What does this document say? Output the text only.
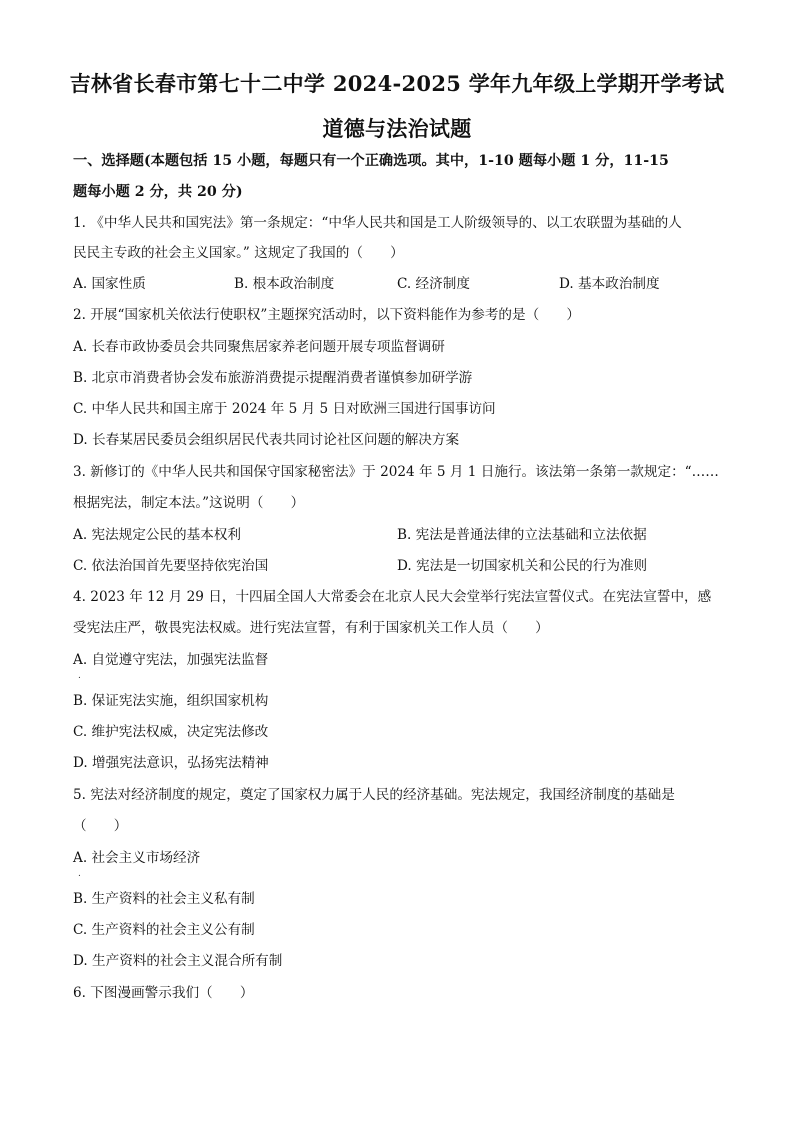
吉林省长春市第七十二中学 2024-2025 学年九年级上学期开学考试
道德与法治试题
一、选择题(本题包括 15 小题，每题只有一个正确选项。其中，1-10 题每小题 1 分，11-15
题每小题 2 分，共 20 分)
1. 《中华人民共和国宪法》第一条规定：“中华人民共和国是工人阶级领导的、以工农联盟为基础的人
民民主专政的社会主义国家。” 这规定了我国的（　　）
A. 国家性质	B. 根本政治制度	C. 经济制度	D. 基本政治制度
2. 开展“国家机关依法行使职权”主题探究活动时，以下资料能作为参考的是（　　）
A. 长春市政协委员会共同聚焦居家养老问题开展专项监督调研
B. 北京市消费者协会发布旅游消费提示提醒消费者谨慎参加研学游
C. 中华人民共和国主席于 2024 年 5 月 5 日对欧洲三国进行国事访问
D. 长春某居民委员会组织居民代表共同讨论社区问题的解决方案
3. 新修订的《中华人民共和国保守国家秘密法》于 2024 年 5 月 1 日施行。该法第一条第一款规定：“……
根据宪法，制定本法。”这说明（　　）
A. 宪法规定公民的基本权利	B. 宪法是普通法律的立法基础和立法依据
C. 依法治国首先要坚持依宪治国	D. 宪法是一切国家机关和公民的行为准则
4. 2023 年 12 月 29 日，十四届全国人大常委会在北京人民大会堂举行宪法宣誓仪式。在宪法宣誓中，感
受宪法庄严，敬畏宪法权威。进行宪法宣誓，有利于国家机关工作人员（　　）
A. 自觉遵守宪法，加强宪法监督
.
B. 保证宪法实施，组织国家机构
C. 维护宪法权威，决定宪法修改
D. 增强宪法意识，弘扬宪法精神
5. 宪法对经济制度的规定，奠定了国家权力属于人民的经济基础。宪法规定，我国经济制度的基础是
（　　）
A. 社会主义市场经济
.
B. 生产资料的社会主义私有制
C. 生产资料的社会主义公有制
D. 生产资料的社会主义混合所有制
6. 下图漫画警示我们（　　）
